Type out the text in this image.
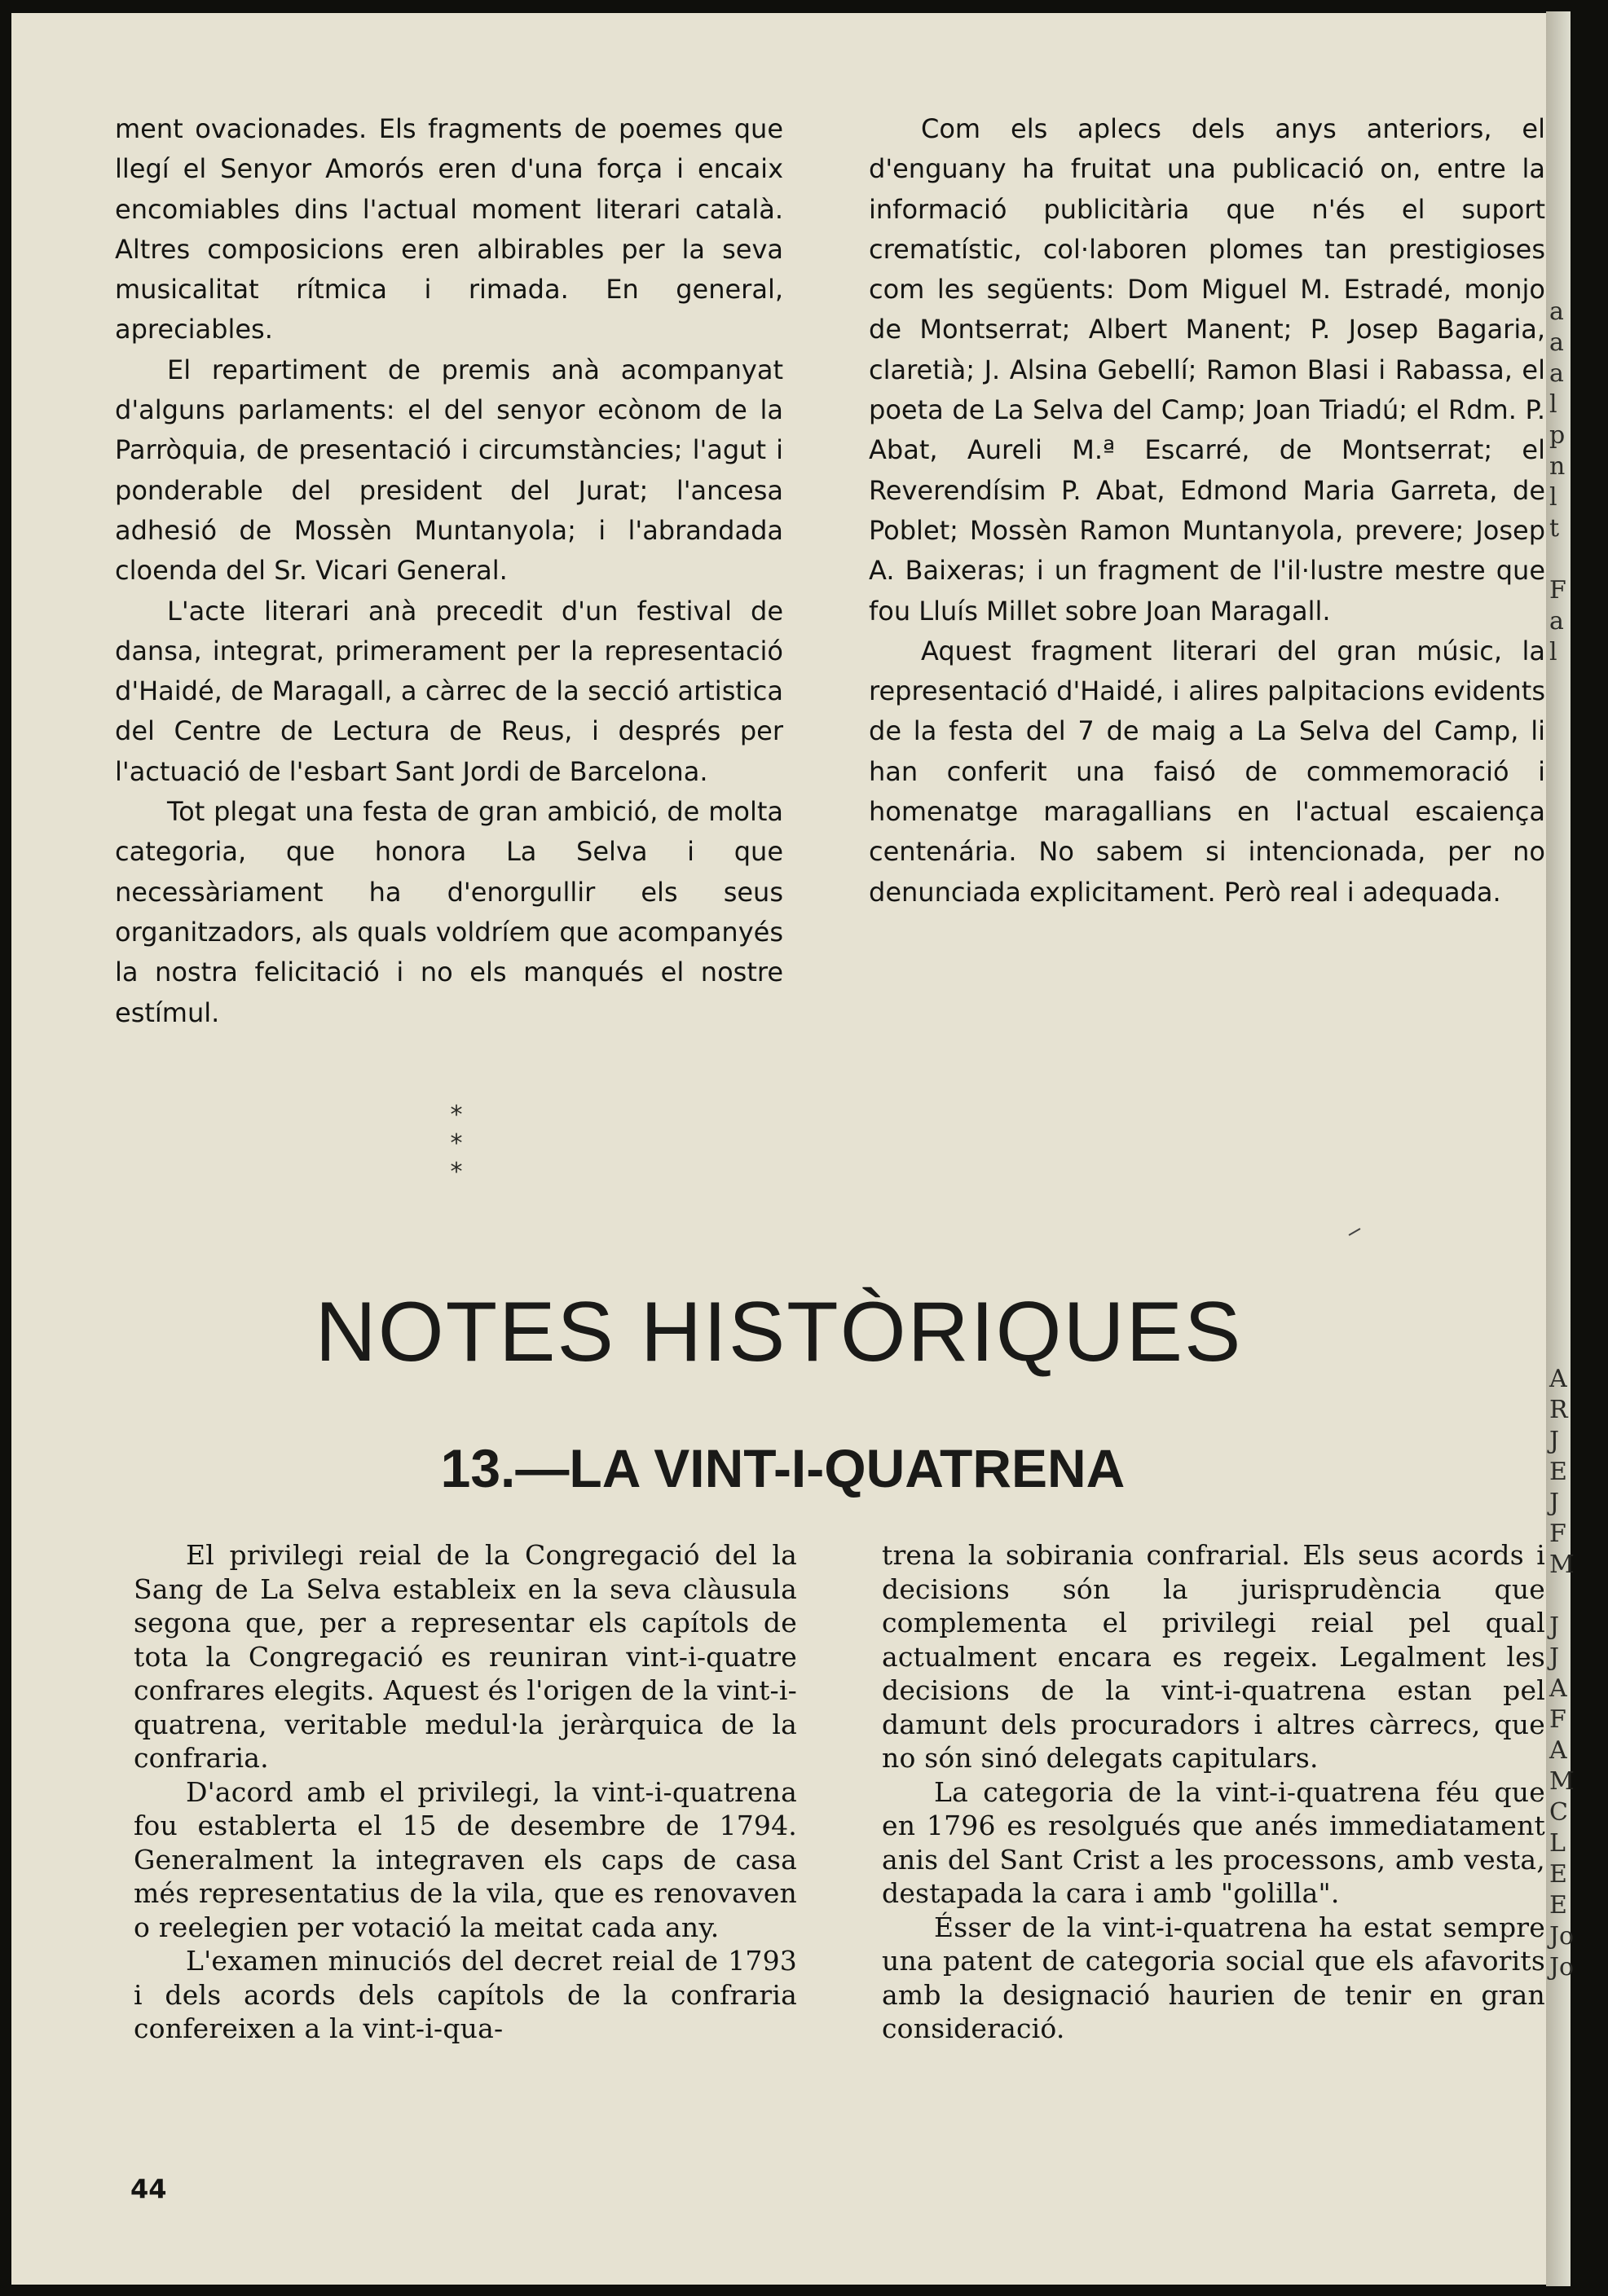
ment ovacionades. Els fragments de poemes que llegí el Senyor Amorós eren d'una força i encaix encomiables dins l'actual moment literari català. Altres composicions eren albirables per la seva musicalitat rítmica i rimada. En general, apreciables.

El repartiment de premis anà acompanyat d'alguns parlaments: el del senyor ecònom de la Parròquia, de presentació i circumstàncies; l'agut i ponderable del president del Jurat; l'ancesa adhesió de Mossèn Muntanyola; i l'abrandada cloenda del Sr. Vicari General.

L'acte literari anà precedit d'un festival de dansa, integrat, primerament per la representació d'Haidé, de Maragall, a càrrec de la secció artistica del Centre de Lectura de Reus, i després per l'actuació de l'esbart Sant Jordi de Barcelona.

Tot plegat una festa de gran ambició, de molta categoria, que honora La Selva i que necessàriament ha d'enorgullir els seus organitzadors, als quals voldríem que acompanyés la nostra felicitació i no els manqués el nostre estímul.

Com els aplecs dels anys anteriors, el d'enguany ha fruitat una publicació on, entre la informació publicitària que n'és el suport crematístic, col·laboren plomes tan prestigioses com les següents: Dom Miguel M. Estradé, monjo de Montserrat; Albert Manent; P. Josep Bagaria, claretià; J. Alsina Gebellí; Ramon Blasi i Rabassa, el poeta de La Selva del Camp; Joan Triadú; el Rdm. P. Abat, Aureli M.ª Escarré, de Montserrat; el Reverendísim P. Abat, Edmond Maria Garreta, de Poblet; Mossèn Ramon Muntanyola, prevere; Josep A. Baixeras; i un fragment de l'il·lustre mestre que fou Lluís Millet sobre Joan Maragall.

Aquest fragment literari del gran músic, la representació d'Haidé, i alires palpitacions evidents de la festa del 7 de maig a La Selva del Camp, li han conferit una faisó de commemoració i homenatge maragallians en l'actual escaiença centenária. No sabem si intencionada, per no denunciada explicitament. Però real i adequada.

* * *
NOTES HISTÒRIQUES
13.—LA VINT-I-QUATRENA

El privilegi reial de la Congregació del la Sang de La Selva estableix en la seva clàusula segona que, per a representar els capítols de tota la Congregació es reuniran vint-i-quatre confrares elegits. Aquest és l'origen de la vint-i-quatrena, veritable medul·la jeràrquica de la confraria.

D'acord amb el privilegi, la vint-i-quatrena fou establerta el 15 de desembre de 1794. Generalment la integraven els caps de casa més representatius de la vila, que es renovaven o reelegien per votació la meitat cada any.

L'examen minuciós del decret reial de 1793 i dels acords dels capítols de la confraria confereixen a la vint-i-qua-

trena la sobirania confrarial. Els seus acords i decisions són la jurisprudència que complementa el privilegi reial pel qual actualment encara es regeix. Legalment les decisions de la vint-i-quatrena estan pel damunt dels procuradors i altres càrrecs, que no són sinó delegats capitulars.

La categoria de la vint-i-quatrena féu que en 1796 es resolgués que anés immediatament anis del Sant Crist a les processons, amb vesta, destapada la cara i amb "golilla".

Ésser de la vint-i-quatrena ha estat sempre una patent de categoria social que els afavorits amb la designació haurien de tenir en gran consideració.

44
a
a
a
l
p
n
l
t

F
a
l
A
R
J
E
J
F
M

J
J
A
F
A
M
C
L
E
E
Jo
Jo
